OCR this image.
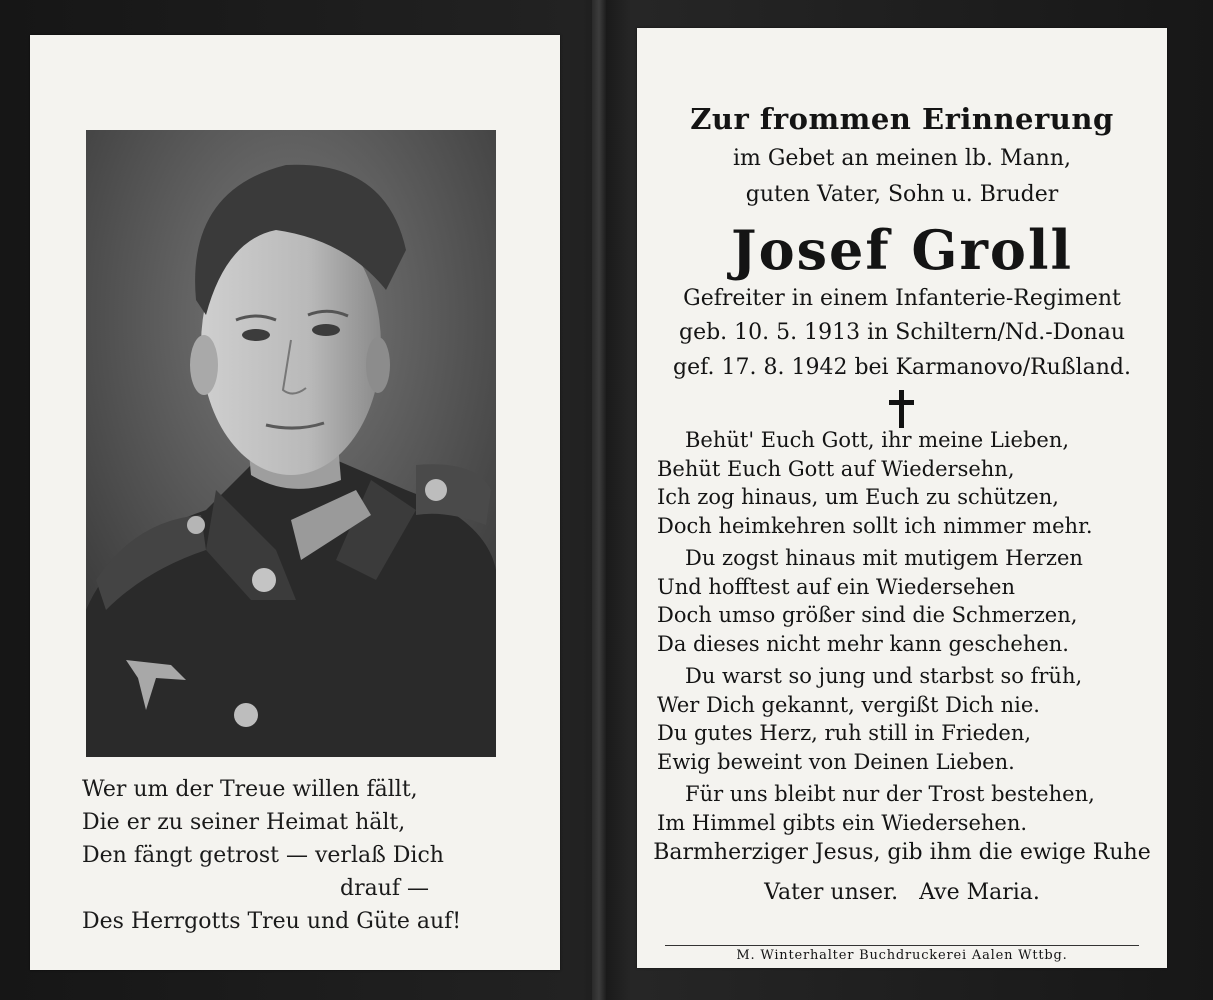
Wer um der Treue willen fällt,
Die er zu seiner Heimat hält,
Den fängt getrost — verlaß Dich
drauf —
Des Herrgotts Treu und Güte auf!
Zur frommen Erinnerung
im Gebet an meinen lb. Mann,
guten Vater, Sohn u. Bruder
Josef Groll
Gefreiter in einem Infanterie-Regiment
geb. 10. 5. 1913 in Schiltern/Nd.-Donau
gef. 17. 8. 1942 bei Karmanovo/Rußland.
Behüt' Euch Gott, ihr meine Lieben,
Behüt Euch Gott auf Wiedersehn,
Ich zog hinaus, um Euch zu schützen,
Doch heimkehren sollt ich nimmer mehr.
Du zogst hinaus mit mutigem Herzen
Und hofftest auf ein Wiedersehen
Doch umso größer sind die Schmerzen,
Da dieses nicht mehr kann geschehen.
Du warst so jung und starbst so früh,
Wer Dich gekannt, vergißt Dich nie.
Du gutes Herz, ruh still in Frieden,
Ewig beweint von Deinen Lieben.
Für uns bleibt nur der Trost bestehen,
Im Himmel gibts ein Wiedersehen.
Barmherziger Jesus, gib ihm die ewige Ruhe
Vater unser.   Ave Maria.
M. Winterhalter Buchdruckerei Aalen Wttbg.
